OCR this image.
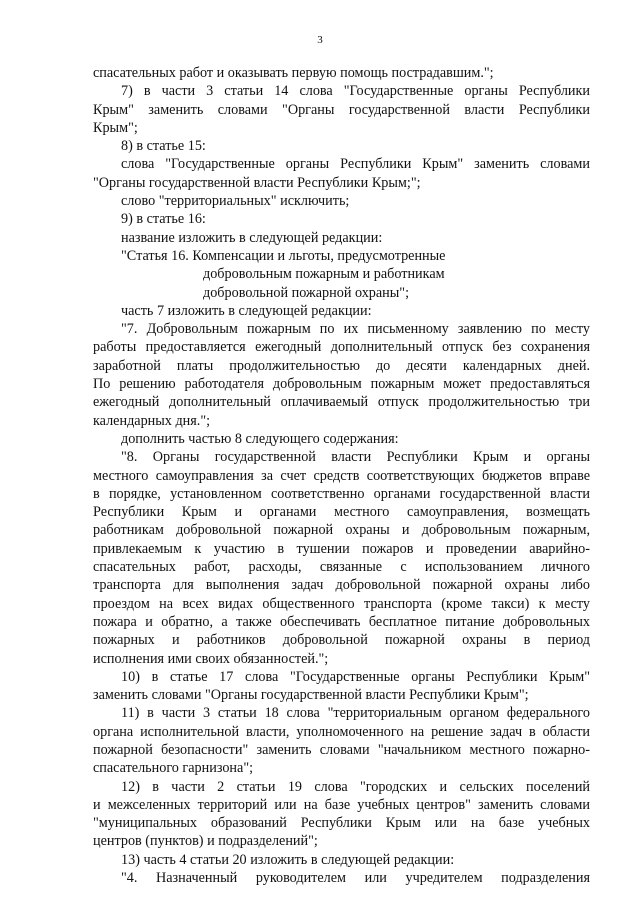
3
спасательных работ и оказывать первую помощь пострадавшим.";
7) в части 3 статьи 14 слова "Государственные органы Республики
Крым" заменить словами "Органы государственной власти Республики
Крым";
8) в статье 15:
слова "Государственные органы Республики Крым" заменить словами
"Органы государственной власти Республики Крым;";
слово "территориальных" исключить;
9) в статье 16:
название изложить в следующей редакции:
"Статья 16. Компенсации и льготы, предусмотренные
добровольным пожарным и работникам
добровольной пожарной охраны";
часть 7 изложить в следующей редакции:
"7. Добровольным пожарным по их письменному заявлению по месту
работы предоставляется ежегодный дополнительный отпуск без сохранения
заработной платы продолжительностью до десяти календарных дней.
По решению работодателя добровольным пожарным может предоставляться
ежегодный дополнительный оплачиваемый отпуск продолжительностью три
календарных дня.";
дополнить частью 8 следующего содержания:
"8. Органы государственной власти Республики Крым и органы
местного самоуправления за счет средств соответствующих бюджетов вправе
в порядке, установленном соответственно органами государственной власти
Республики Крым и органами местного самоуправления, возмещать
работникам добровольной пожарной охраны и добровольным пожарным,
привлекаемым к участию в тушении пожаров и проведении аварийно-
спасательных работ, расходы, связанные с использованием личного
транспорта для выполнения задач добровольной пожарной охраны либо
проездом на всех видах общественного транспорта (кроме такси) к месту
пожара и обратно, а также обеспечивать бесплатное питание добровольных
пожарных и работников добровольной пожарной охраны в период
исполнения ими своих обязанностей.";
10) в статье 17 слова "Государственные органы Республики Крым"
заменить словами "Органы государственной власти Республики Крым";
11) в части 3 статьи 18 слова "территориальным органом федерального
органа исполнительной власти, уполномоченного на решение задач в области
пожарной безопасности" заменить словами "начальником местного пожарно-
спасательного гарнизона";
12) в части 2 статьи 19 слова "городских и сельских поселений
и межселенных территорий или на базе учебных центров" заменить словами
"муниципальных образований Республики Крым или на базе учебных
центров (пунктов) и подразделений";
13) часть 4 статьи 20 изложить в следующей редакции:
"4. Назначенный руководителем или учредителем подразделения
